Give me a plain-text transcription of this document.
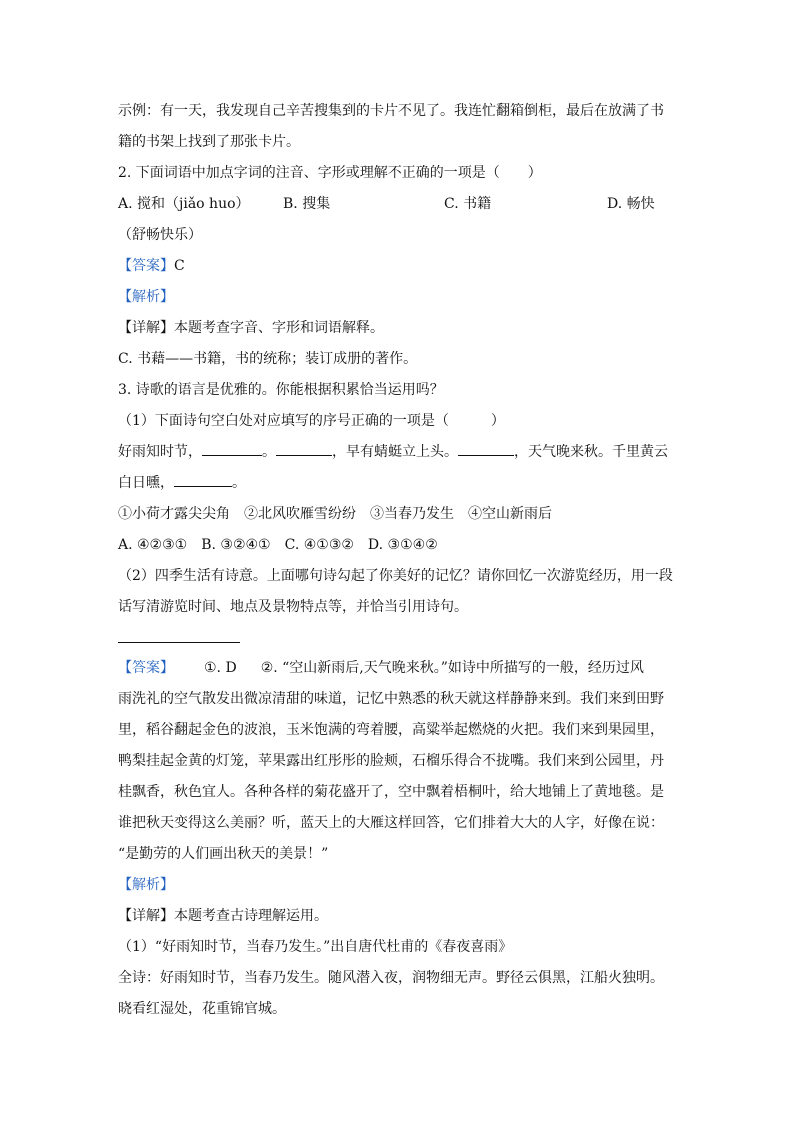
示例：有一天，我发现自己辛苦搜集到的卡片不见了。我连忙翻箱倒柜，最后在放满了书
籍的书架上找到了那张卡片。
2. 下面词语中加点字词的注音、字形或理解不正确的一项是（　　）
A. 搅和（jiǎo huo）	B. 搜集	C. 书籍	D. 畅快
（舒畅快乐）
【答案】C
【解析】
【详解】本题考查字音、字形和词语解释。
C. 书藉——书籍，书的统称；装订成册的著作。
3. 诗歌的语言是优雅的。你能根据积累恰当运用吗？
（1）下面诗句空白处对应填写的序号正确的一项是（　　　）
好雨知时节，	。	，早有蜻蜓立上头。	，天气晚来秋。千里黄云
白日曛，	。
①小荷才露尖尖角　②北风吹雁雪纷纷　③当春乃发生　④空山新雨后
A. ④②③①　B. ③②④①　C. ④①③②　D. ③①④②
（2）四季生活有诗意。上面哪句诗勾起了你美好的记忆？请你回忆一次游览经历，用一段
话写清游览时间、地点及景物特点等，并恰当引用诗句。
【答案】 ①. D ②. “空山新雨后,天气晚来秋。”如诗中所描写的一般，经历过风
雨洗礼的空气散发出微凉清甜的味道，记忆中熟悉的秋天就这样静静来到。我们来到田野
里，稻谷翻起金色的波浪，玉米饱满的弯着腰，高粱举起燃烧的火把。我们来到果园里，
鸭梨挂起金黄的灯笼，苹果露出红彤彤的脸颊，石榴乐得合不拢嘴。我们来到公园里，丹
桂飘香，秋色宜人。各种各样的菊花盛开了，空中飘着梧桐叶，给大地铺上了黄地毯。是
谁把秋天变得这么美丽？听，蓝天上的大雁这样回答，它们排着大大的人字，好像在说：
“是勤劳的人们画出秋天的美景！”
【解析】
【详解】本题考查古诗理解运用。
（1）“好雨知时节，当春乃发生。”出自唐代杜甫的《春夜喜雨》
全诗：好雨知时节，当春乃发生。随风潜入夜，润物细无声。野径云俱黑，江船火独明。
晓看红湿处，花重锦官城。
